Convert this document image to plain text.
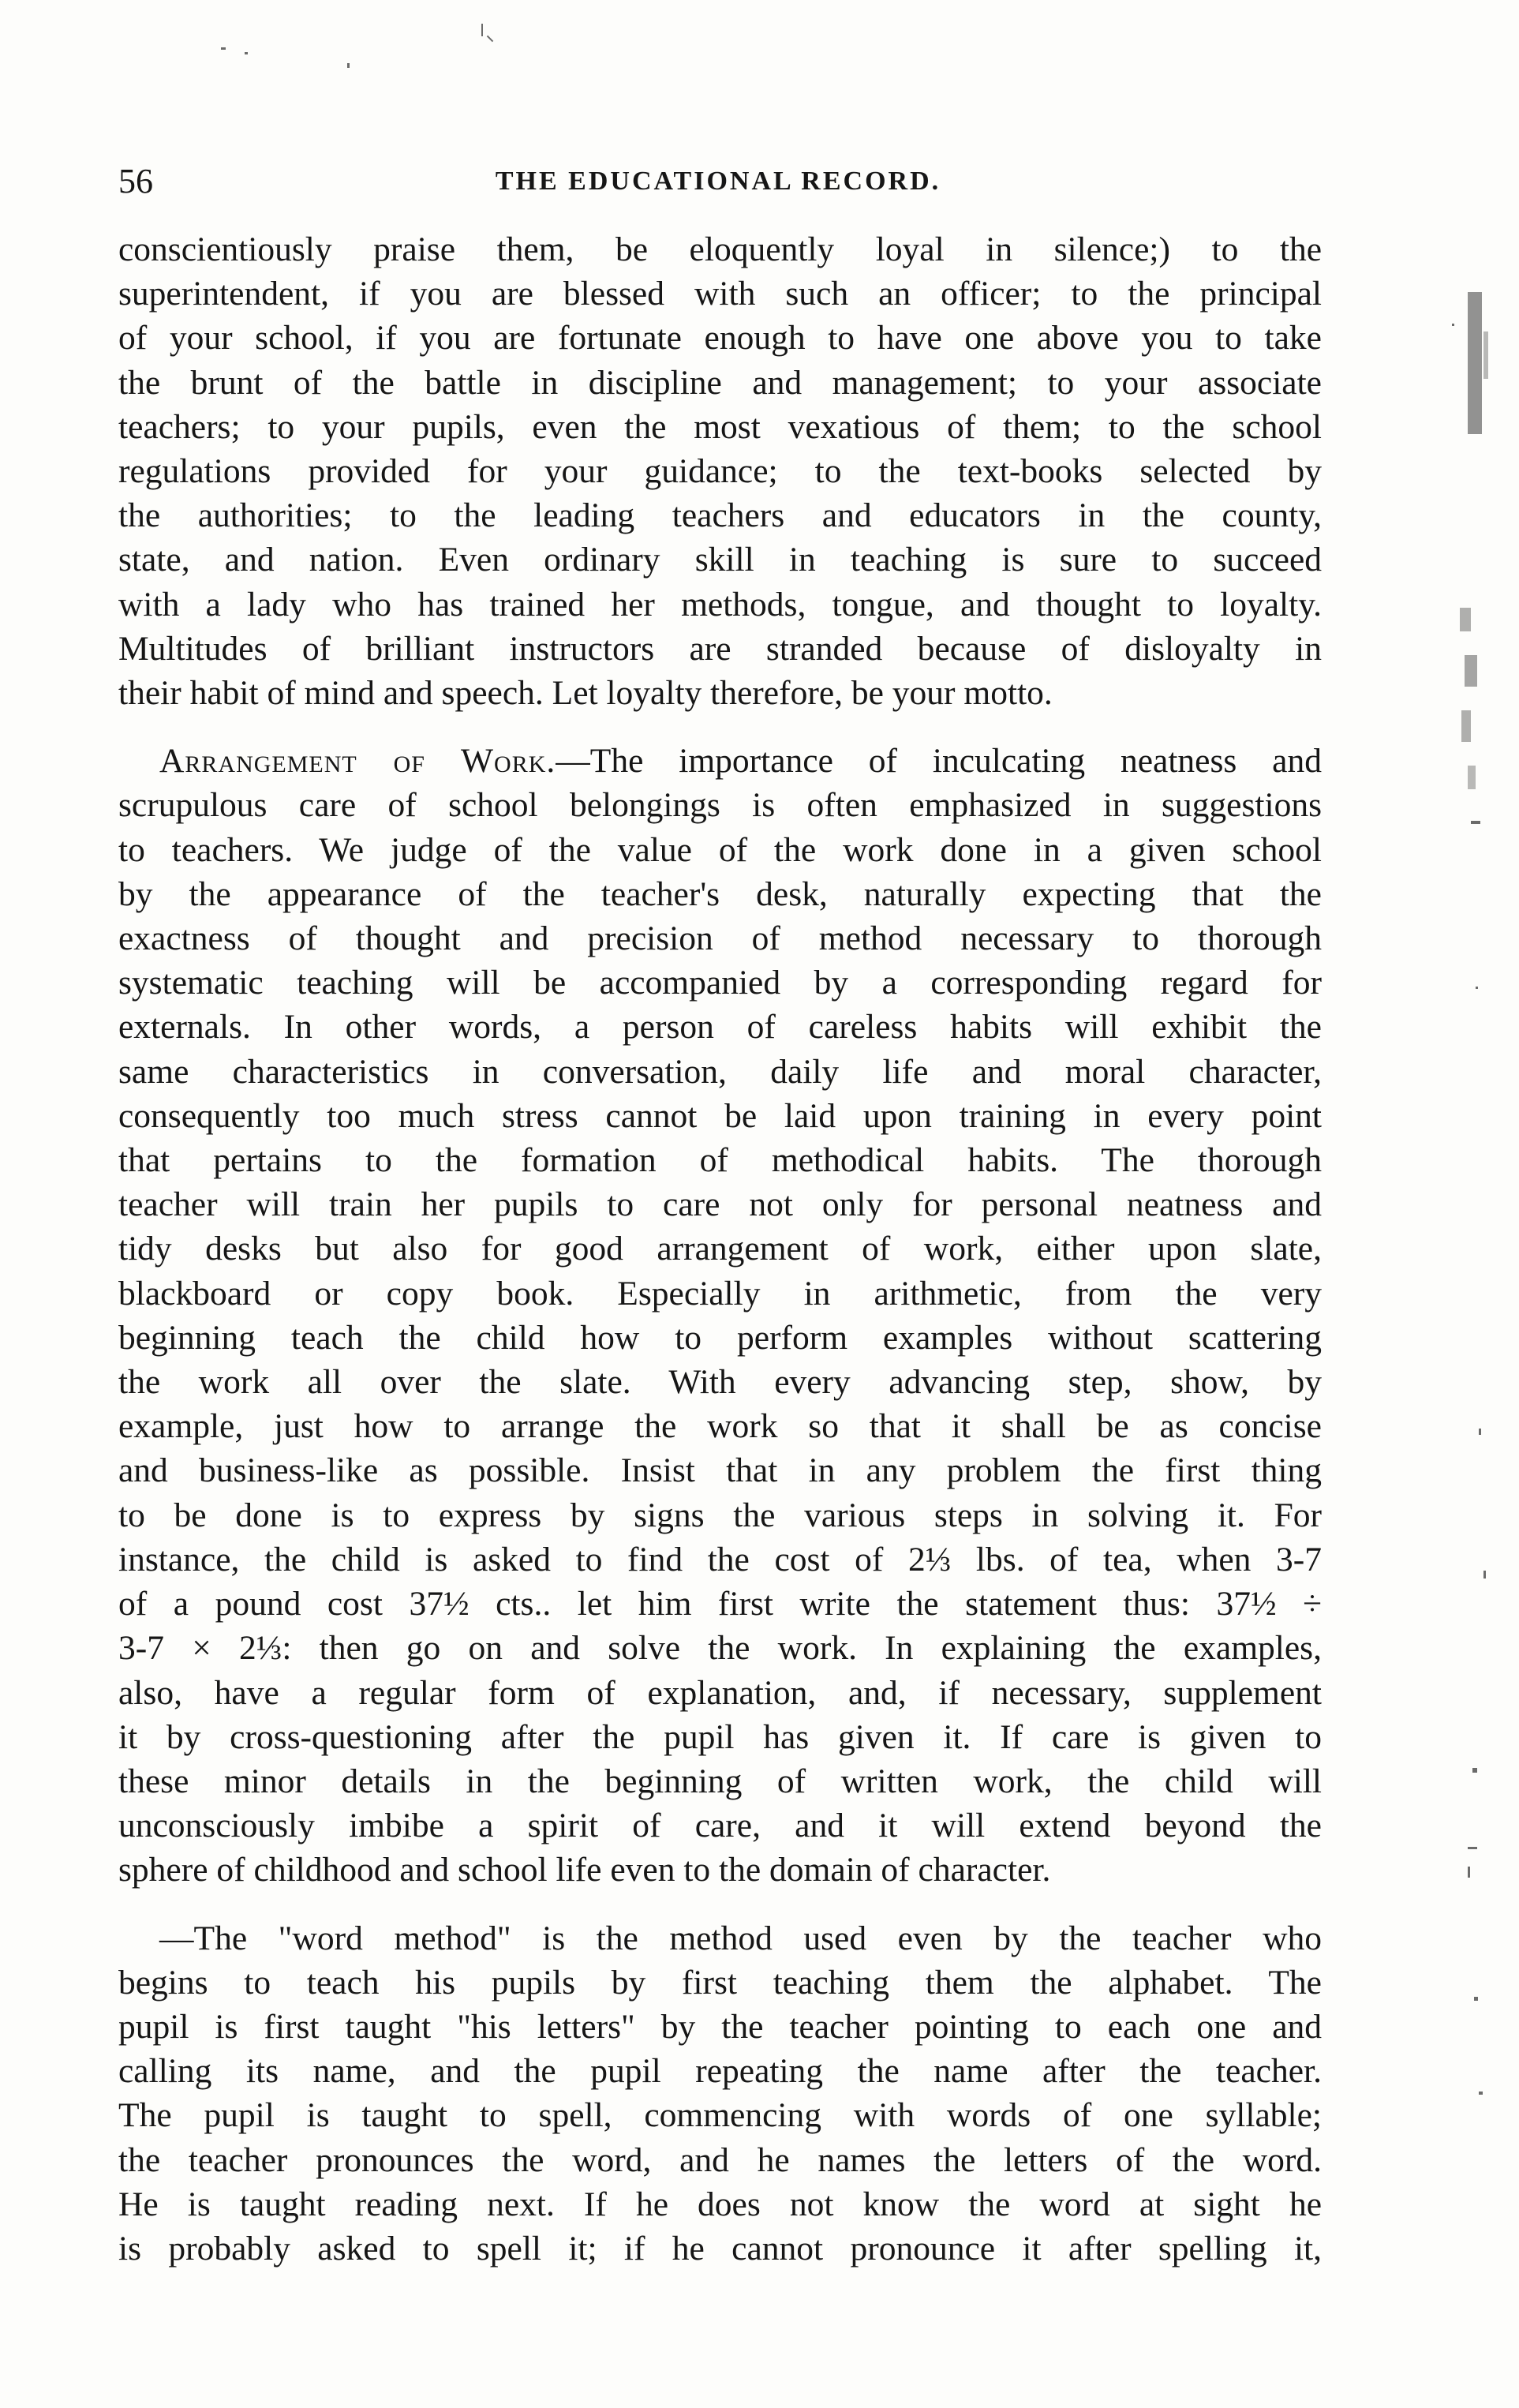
56	THE EDUCATIONAL RECORD.
conscientiously praise them, be eloquently loyal in silence;) to the
superintendent, if you are blessed with such an officer; to the principal
of your school, if you are fortunate enough to have one above you to take
the brunt of the battle in discipline and management; to your associate
teachers; to your pupils, even the most vexatious of them; to the school
regulations provided for your guidance; to the text-books selected by
the authorities; to the leading teachers and educators in the county,
state, and nation. Even ordinary skill in teaching is sure to succeed
with a lady who has trained her methods, tongue, and thought to loyalty.
Multitudes of brilliant instructors are stranded because of disloyalty in
their habit of mind and speech. Let loyalty therefore, be your motto.
Arrangement of Work.—The importance of inculcating neatness and
scrupulous care of school belongings is often emphasized in suggestions
to teachers. We judge of the value of the work done in a given school
by the appearance of the teacher's desk, naturally expecting that the
exactness of thought and precision of method necessary to thorough
systematic teaching will be accompanied by a corresponding regard for
externals. In other words, a person of careless habits will exhibit the
same characteristics in conversation, daily life and moral character,
consequently too much stress cannot be laid upon training in every point
that pertains to the formation of methodical habits. The thorough
teacher will train her pupils to care not only for personal neatness and
tidy desks but also for good arrangement of work, either upon slate,
blackboard or copy book. Especially in arithmetic, from the very
beginning teach the child how to perform examples without scattering
the work all over the slate. With every advancing step, show, by
example, just how to arrange the work so that it shall be as concise
and business-like as possible. Insist that in any problem the first thing
to be done is to express by signs the various steps in solving it. For
instance, the child is asked to find the cost of 2⅓ lbs. of tea, when 3-7
of a pound cost 37½ cts.. let him first write the statement thus: 37½ ÷
3-7 × 2⅓: then go on and solve the work. In explaining the examples,
also, have a regular form of explanation, and, if necessary, supplement
it by cross-questioning after the pupil has given it. If care is given to
these minor details in the beginning of written work, the child will
unconsciously imbibe a spirit of care, and it will extend beyond the
sphere of childhood and school life even to the domain of character.
—The "word method" is the method used even by the teacher who
begins to teach his pupils by first teaching them the alphabet. The
pupil is first taught "his letters" by the teacher pointing to each one and
calling its name, and the pupil repeating the name after the teacher.
The pupil is taught to spell, commencing with words of one syllable;
the teacher pronounces the word, and he names the letters of the word.
He is taught reading next. If he does not know the word at sight he
is probably asked to spell it; if he cannot pronounce it after spelling it,
